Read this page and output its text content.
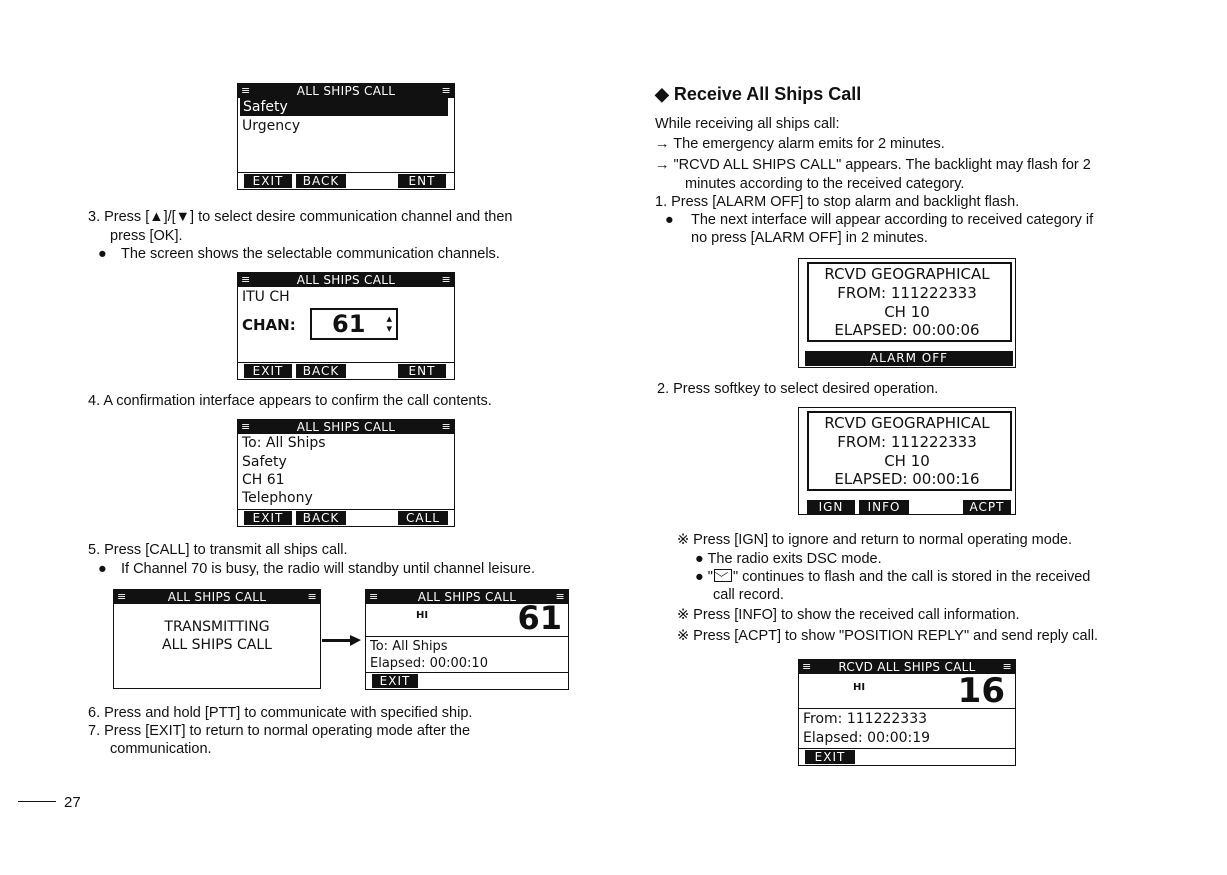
≡	ALL SHIPS CALL	≡
Safety
Urgency
EXIT	BACK	ENT
3. Press [▲]/[▼] to select desire communication channel and then
press [OK].
● The screen shows the selectable communication channels.
≡	ALL SHIPS CALL	≡
ITU CH
CHAN: 61 ▴
▾
EXIT	BACK	ENT
4. A confirmation interface appears to confirm the call contents.
≡	ALL SHIPS CALL	≡
To: All Ships
Safety
CH 61
Telephony
EXIT	BACK	CALL
5. Press [CALL] to transmit all ships call.
● If Channel 70 is busy, the radio will standby until channel leisure.
≡	ALL SHIPS CALL	≡
TRANSMITTING
ALL SHIPS CALL
≡	ALL SHIPS CALL	≡
HI	61
To: All Ships
Elapsed: 00:00:10
EXIT
6. Press and hold [PTT] to communicate with specified ship.
7. Press [EXIT] to return to normal operating mode after the
communication.
27
◆ Receive All Ships Call
While receiving all ships call:
→ The emergency alarm emits for 2 minutes.
→ "RCVD ALL SHIPS CALL" appears. The backlight may flash for 2
minutes according to the received category.
1. Press [ALARM OFF] to stop alarm and backlight flash.
● The next interface will appear according to received category if
no press [ALARM OFF] in 2 minutes.
RCVD GEOGRAPHICAL
FROM: 111222333
CH 10
ELAPSED: 00:00:06
ALARM OFF
2. Press softkey to select desired operation.
RCVD GEOGRAPHICAL
FROM: 111222333
CH 10
ELAPSED: 00:00:16
IGN	INFO	ACPT
※ Press [IGN] to ignore and return to normal operating mode.
● The radio exits DSC mode.
● " " continues to flash and the call is stored in the received
call record.
※ Press [INFO] to show the received call information.
※ Press [ACPT] to show "POSITION REPLY" and send reply call.
≡ RCVD ALL SHIPS CALL ≡
HI	16
From: 111222333
Elapsed: 00:00:19
EXIT
